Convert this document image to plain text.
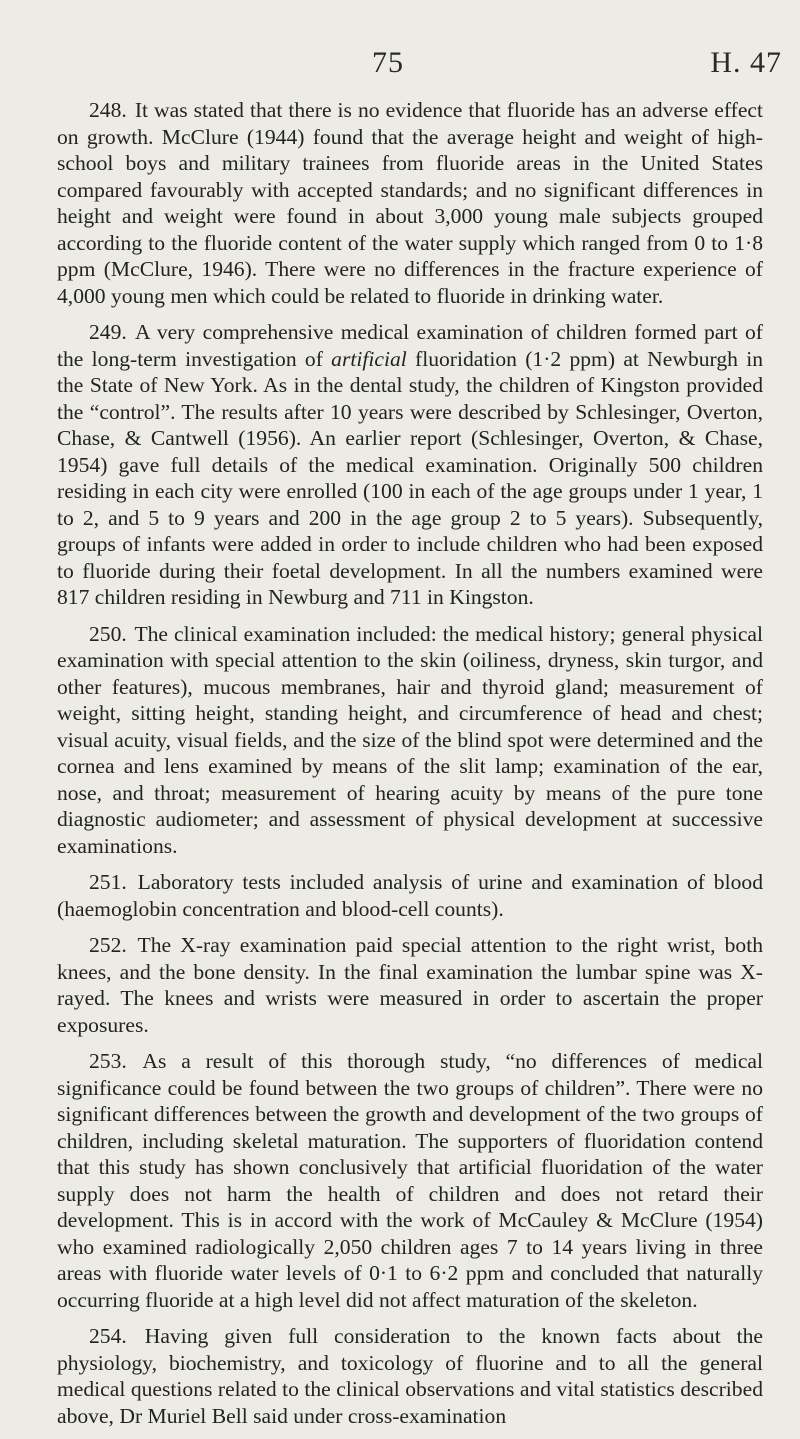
75	H. 47

248. It was stated that there is no evidence that fluoride has an adverse effect on growth. McClure (1944) found that the average height and weight of high-school boys and military trainees from fluoride areas in the United States compared favourably with accepted standards; and no significant differences in height and weight were found in about 3,000 young male subjects grouped according to the fluoride content of the water supply which ranged from 0 to 1·8 ppm (McClure, 1946). There were no differences in the fracture experience of 4,000 young men which could be related to fluoride in drinking water.

249. A very comprehensive medical examination of children formed part of the long-term investigation of artificial fluoridation (1·2 ppm) at Newburgh in the State of New York. As in the dental study, the children of Kingston provided the “control”. The results after 10 years were described by Schlesinger, Overton, Chase, & Cantwell (1956). An earlier report (Schlesinger, Overton, & Chase, 1954) gave full details of the medical examination. Originally 500 children residing in each city were enrolled (100 in each of the age groups under 1 year, 1 to 2, and 5 to 9 years and 200 in the age group 2 to 5 years). Subsequently, groups of infants were added in order to include children who had been exposed to fluoride during their foetal development. In all the numbers examined were 817 children residing in Newburg and 711 in Kingston.

250. The clinical examination included: the medical history; general physical examination with special attention to the skin (oiliness, dryness, skin turgor, and other features), mucous membranes, hair and thyroid gland; measurement of weight, sitting height, standing height, and circumference of head and chest; visual acuity, visual fields, and the size of the blind spot were determined and the cornea and lens examined by means of the slit lamp; examination of the ear, nose, and throat; measurement of hearing acuity by means of the pure tone diagnostic audiometer; and assessment of physical development at successive examinations.

251. Laboratory tests included analysis of urine and examination of blood (haemoglobin concentration and blood-cell counts).

252. The X-ray examination paid special attention to the right wrist, both knees, and the bone density. In the final examination the lumbar spine was X-rayed. The knees and wrists were measured in order to ascertain the proper exposures.

253. As a result of this thorough study, “no differences of medical significance could be found between the two groups of children”. There were no significant differences between the growth and development of the two groups of children, including skeletal maturation. The supporters of fluoridation contend that this study has shown conclusively that artificial fluoridation of the water supply does not harm the health of children and does not retard their development. This is in accord with the work of McCauley & McClure (1954) who examined radiologically 2,050 children ages 7 to 14 years living in three areas with fluoride water levels of 0·1 to 6·2 ppm and concluded that naturally occurring fluoride at a high level did not affect maturation of the skeleton.

254. Having given full consideration to the known facts about the physiology, biochemistry, and toxicology of fluorine and to all the general medical questions related to the clinical observations and vital statistics described above, Dr Muriel Bell said under cross-examination
